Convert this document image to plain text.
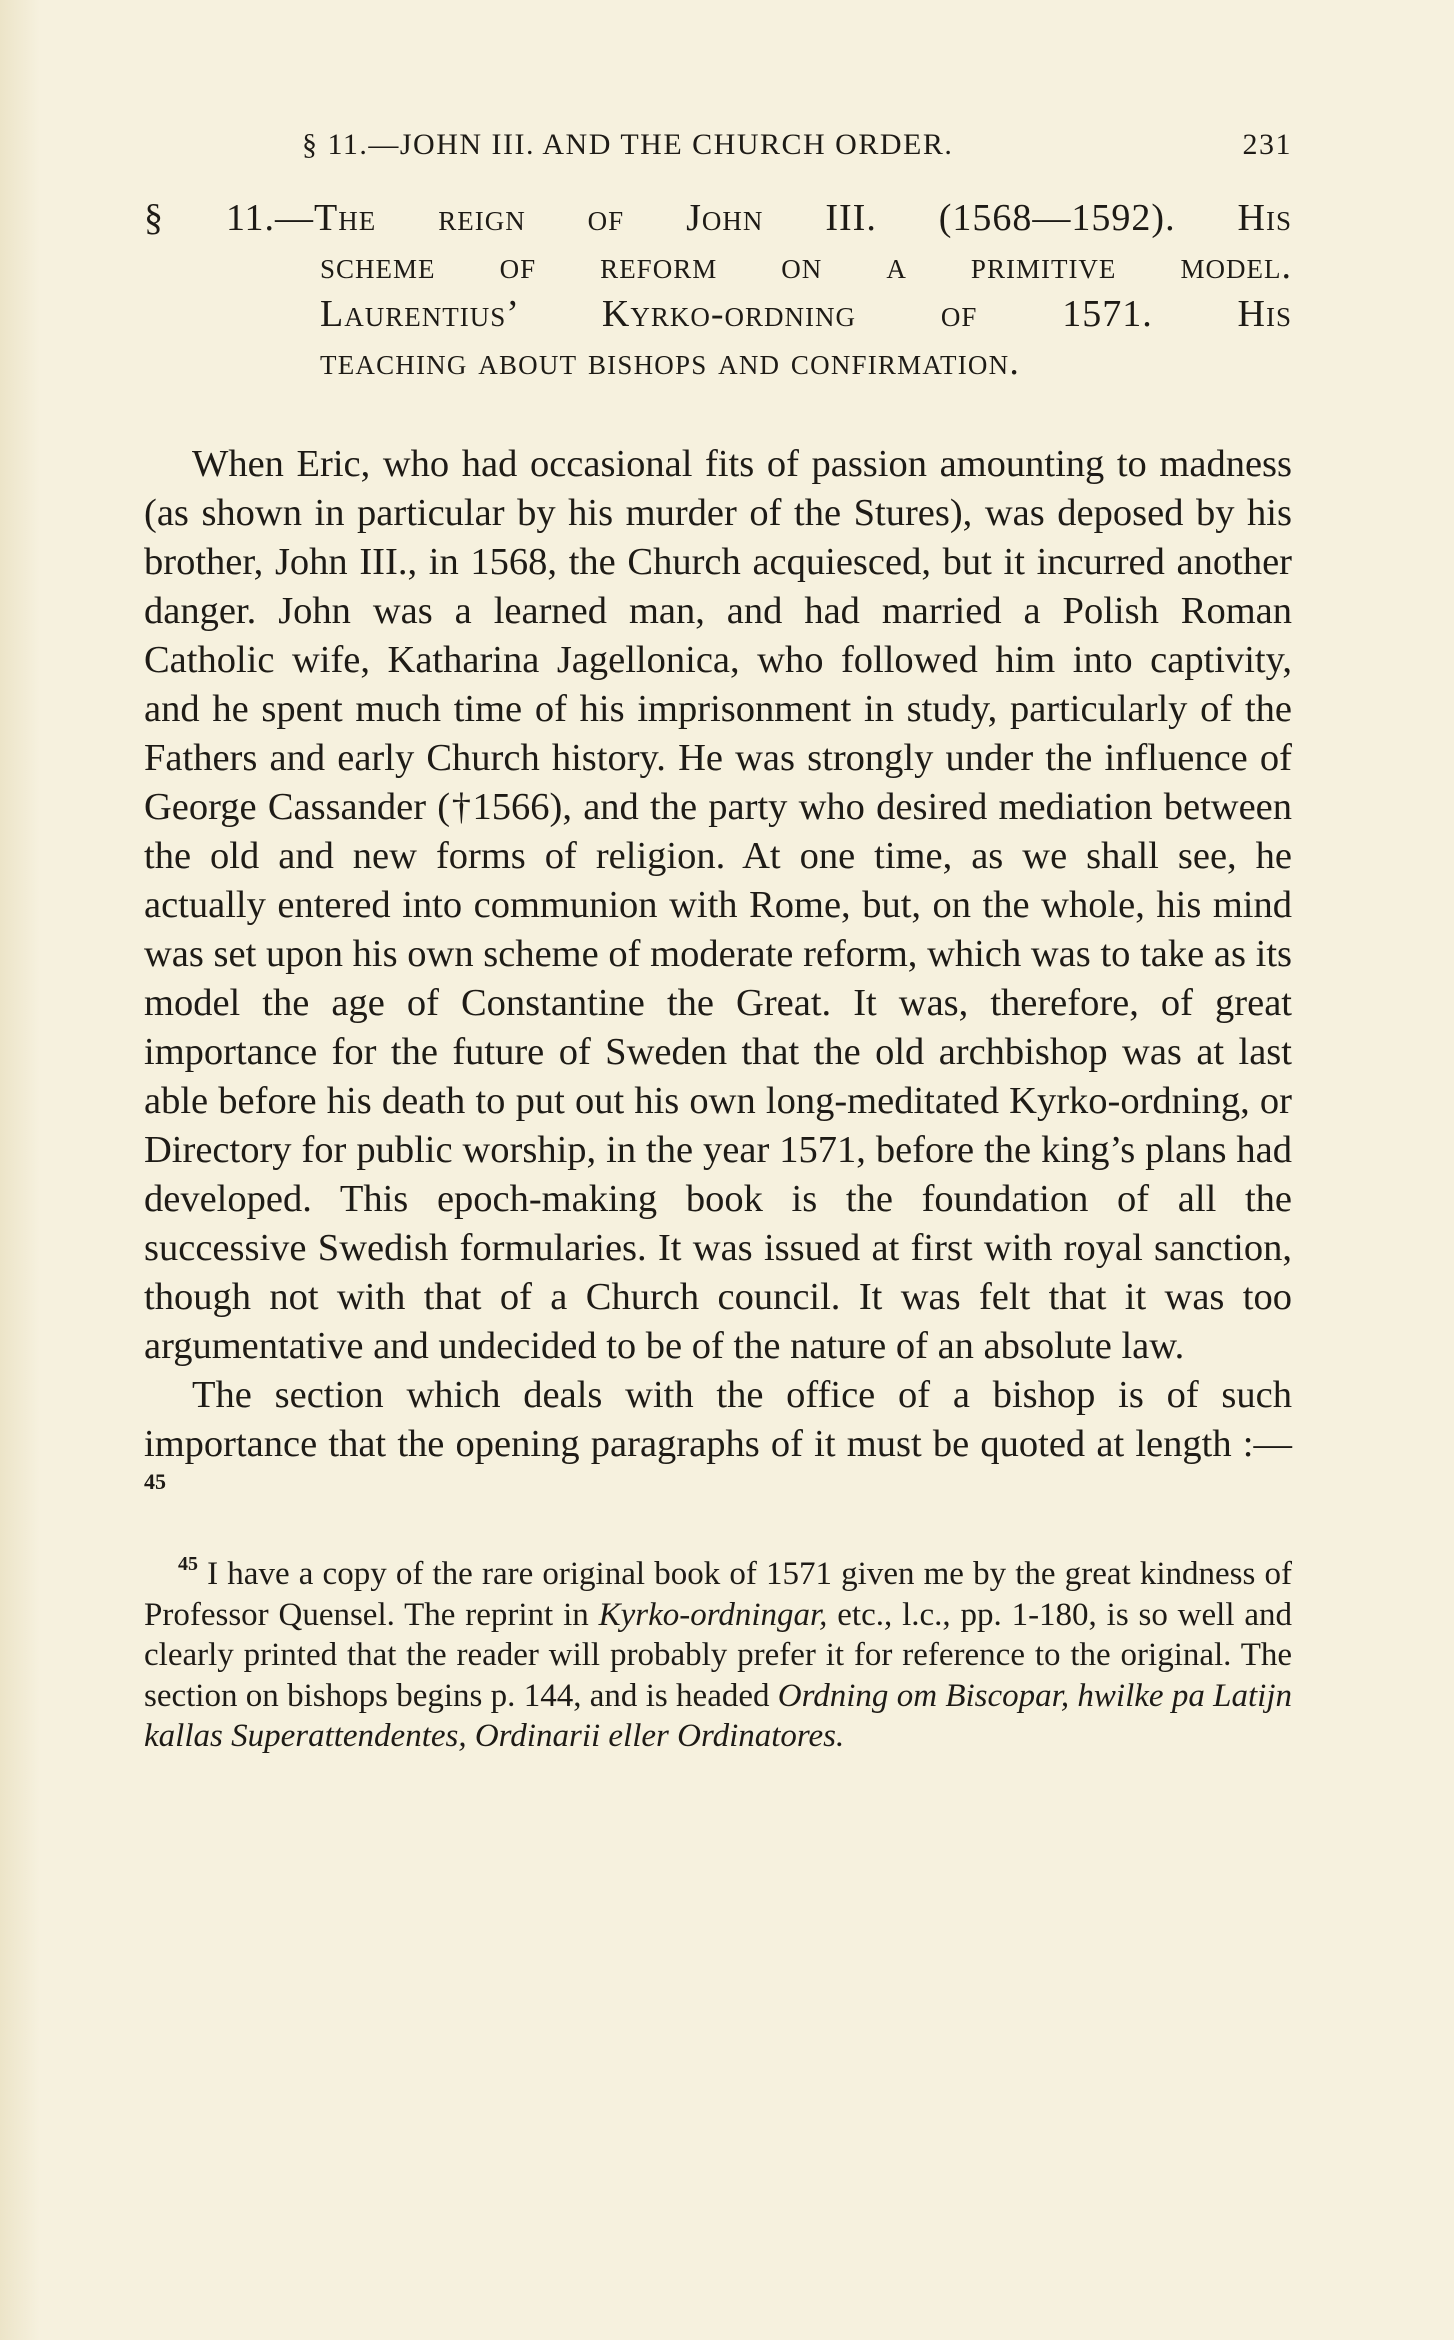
§ 11.—JOHN III. AND THE CHURCH ORDER.	231
§ 11.—The reign of John III. (1568—1592). His
scheme of reform on a primitive model.
Laurentius’ Kyrko-ordning of 1571. His
teaching about bishops and confirmation.

When Eric, who had occasional fits of passion amounting to madness (as shown in particular by his murder of the Stures), was deposed by his brother, John III., in 1568, the Church acquiesced, but it incurred another danger. John was a learned man, and had married a Polish Roman Catholic wife, Katharina Jagellonica, who followed him into captivity, and he spent much time of his imprisonment in study, particularly of the Fathers and early Church history. He was strongly under the influence of George Cassander (†1566), and the party who desired mediation between the old and new forms of religion. At one time, as we shall see, he actually entered into communion with Rome, but, on the whole, his mind was set upon his own scheme of moderate reform, which was to take as its model the age of Constantine the Great. It was, therefore, of great importance for the future of Sweden that the old archbishop was at last able before his death to put out his own long-meditated Kyrko-ordning, or Directory for public worship, in the year 1571, before the king’s plans had developed. This epoch-making book is the foundation of all the successive Swedish formularies. It was issued at first with royal sanction, though not with that of a Church council. It was felt that it was too argumentative and undecided to be of the nature of an absolute law.

The section which deals with the office of a bishop is of such importance that the opening paragraphs of it must be quoted at length :—$^{45}$

$^{45}$ I have a copy of the rare original book of 1571 given me by the great kindness of Professor Quensel. The reprint in Kyrko-ordningar, etc., l.c., pp. 1-180, is so well and clearly printed that the reader will probably prefer it for reference to the original. The section on bishops begins p. 144, and is headed Ordning om Biscopar, hwilke pa Latijn kallas Superattendentes, Ordinarii eller Ordinatores.
